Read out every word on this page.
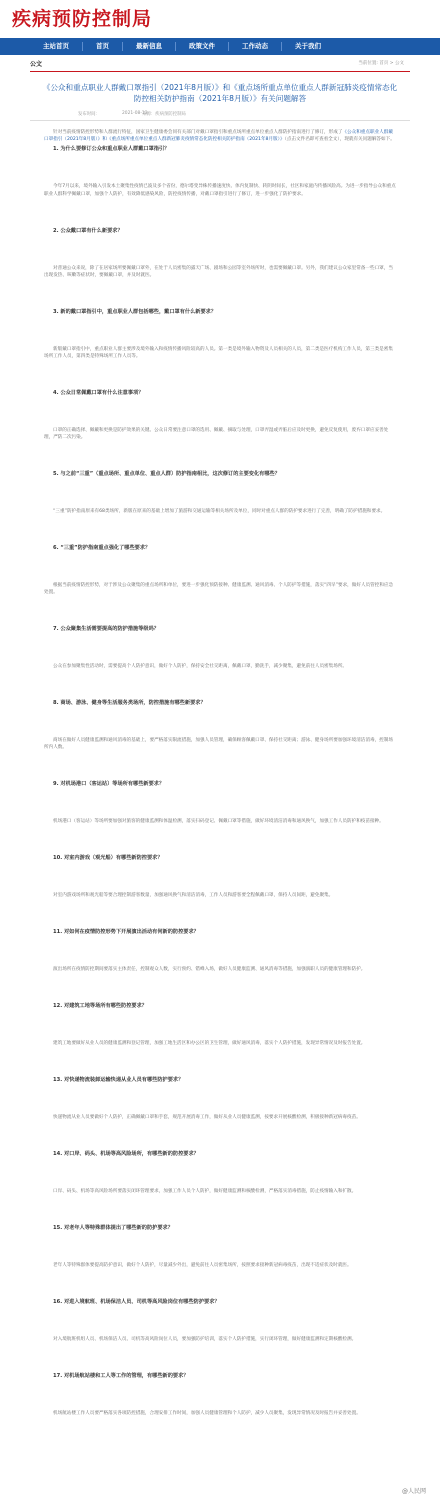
疾病预防控制局
主站首页	首页	最新信息	政策文件	工作动态	关于我们
公文	当前位置: 首页 > 公文
《公众和重点职业人群戴口罩指引（2021年8月版）》和《重点场所重点单位重点人群新冠肺炎疫情常态化防控相关防护指南（2021年8月版）》有关问题解答
发布时间：	2021-08-13
来源：疾病预防控制局

针对当前疫情防控形势和人群流行特征，国家卫生健康委会同有关部门对戴口罩指引和重点场所重点单位重点人群防护指南进行了修订，形成了《公众和重点职业人群戴口罩指引（2021年8月版）》和《重点场所重点单位重点人群新冠肺炎疫情常态化防控相关防护指南（2021年8月版）》（点击文件名即可查看全文），现就有关问题解答如下。

1. 为什么要修订公众和重点职业人群戴口罩指引？

今年7月以来，境外输入引发本土聚集性疫情已波及多个省份，德尔塔变异株传播速度快、体内复制快、转阴时间长，社区和家庭内传播风险高。为进一步指导公众和重点职业人群科学佩戴口罩，加强个人防护，有效降低感染风险，防控疫情传播，对戴口罩指引进行了修订，进一步强化了防护要求。

2. 公众戴口罩有什么新要求？

对普通公众来说，除了在居家场所要佩戴口罩外，在处于人员密集的露天广场、剧场和公园等室外场所时，也需要佩戴口罩。另外，我们建议公众家里常备一些口罩，当出现发热、咳嗽等症状时，要佩戴口罩，并及时就医。

3. 新的戴口罩指引中，重点职业人群包括哪些，戴口罩有什么新要求？

新版戴口罩指引中，重点职业人群主要涉及境外输入和疫情传播风险较高的人员。第一类是境外输入物资及人员相关的人员，第二类是医疗机构工作人员，第三类是密集场所工作人员，第四类是特殊场所工作人员等。

4. 公众日常佩戴口罩有什么注意事项？

口罩的正确选择、佩戴和更换是防护效果的关键。公众日常要注意口罩的选用、佩戴、摘取与处理，口罩弄湿或弄脏后应及时更换，避免反复使用，废弃口罩应妥善处理，严防二次污染。

5. 与之前“三重”（重点场所、重点单位、重点人群）防护指南相比，这次修订的主要变化有哪些？

“三重”防护指南原来有68类场所，新版在原来的基础上增加了旅游和交通运输等相关场所及单位，同时对重点人群的防护要求进行了完善，明确了防护措施和要求。

6. “三重”防护指南重点强化了哪些要求？

根据当前疫情防控形势，对于涉及公众聚集的重点场所和单位，要进一步强化预防接种、健康监测、通风消毒、个人防护等措施，落实“四早”要求，做好人员管控和应急处置。

7. 公众聚集生活需要提高的防护措施等级吗？

公众在参加聚集性活动时，需要提高个人防护意识，做好个人防护，保持安全社交距离，佩戴口罩，勤洗手，减少聚集，避免前往人员密集场所。

8. 商场、游泳、健身等生活服务类场所，防控措施有哪些新要求？

商场在做好人员健康监测和通风消毒的基础上，要严格落实限流措施，加强人员管理，确保顾客佩戴口罩、保持社交距离；游泳、健身场所要加强环境清洁消毒，控制场所内人数。

9. 对机场港口（客运站）等场所有哪些新要求？

机场港口（客运站）等场所要加强对旅客的健康监测和体温检测，落实扫码登记、佩戴口罩等措施，做好环境清洁消毒和通风换气，加强工作人员防护和疫苗接种。

10. 对室内游戏（观光船）有哪些新防控要求？

对室内游戏场所和观光船等要合理控制游客数量，加强通风换气和清洁消毒，工作人员和游客要全程佩戴口罩，保持人员间距，避免聚集。

11. 对如何在疫情防控形势下开展演出活动有何新的防控要求？

演出场所在疫情防控期间要落实主体责任，控制观众人数，实行预约、错峰入场，做好人员健康监测、通风消毒等措施，加强演职人员的健康管理和防护。

12. 对建筑工地等场所有哪些防控要求？

建筑工地要做好从业人员的健康监测和登记管理，加强工地生活区和办公区的卫生管理，做好通风消毒，落实个人防护措施，发现异常情况及时报告处置。

13. 对快递物流装卸运输快递从业人员有哪些防护要求？

快递物流从业人员要做好个人防护，正确佩戴口罩和手套，规范开展消毒工作，做好从业人员健康监测，按要求开展核酸检测，积极接种新冠病毒疫苗。

14. 对口岸、码头、机场等高风险场所，有哪些新的防控要求？

口岸、码头、机场等高风险场所要落实闭环管理要求，加强工作人员个人防护，做好健康监测和核酸检测，严格落实消毒措施，防止疫情输入和扩散。

15. 对老年人等特殊群体提出了哪些新的防护要求？

老年人等特殊群体要提高防护意识，做好个人防护，尽量减少外出，避免前往人员密集场所，按照要求接种新冠病毒疫苗，出现不适症状及时就医。

16. 对进入境航班、机场保洁人员、司机等高风险岗位有哪些防护要求？

对入境航班机组人员、机场保洁人员、司机等高风险岗位人员，要加强防护培训，落实个人防护措施，实行闭环管理，做好健康监测和定期核酸检测。

17. 对机场航站楼和工人等工作的管理，有哪些新的要求？

机场航站楼工作人员要严格落实各项防控措施，合理安排工作时间，加强人员健康管理和个人防护，减少人员聚集，发现异常情况及时报告并妥善处置。

@人民网
